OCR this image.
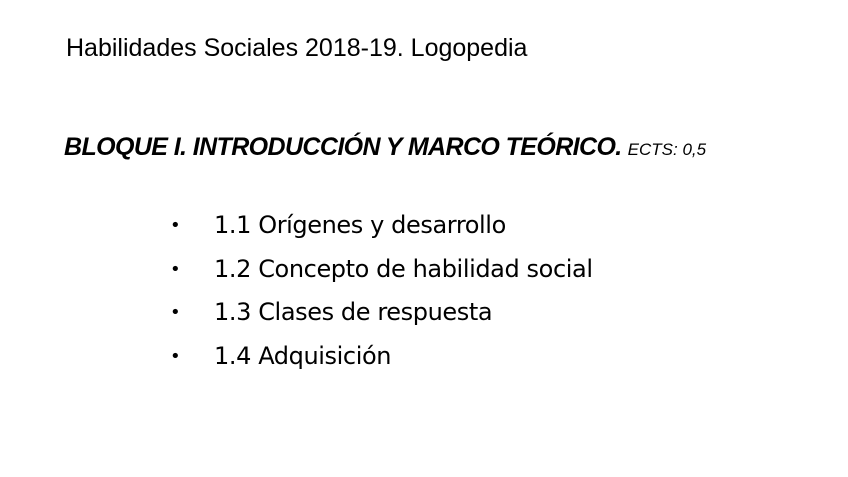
Habilidades Sociales 2018-19. Logopedia
BLOQUE I. INTRODUCCIÓN Y MARCO TEÓRICO. ECTS: 0,5
•	1.1 Orígenes y desarrollo
•	1.2 Concepto de habilidad social
•	1.3 Clases de respuesta
•	1.4 Adquisición
